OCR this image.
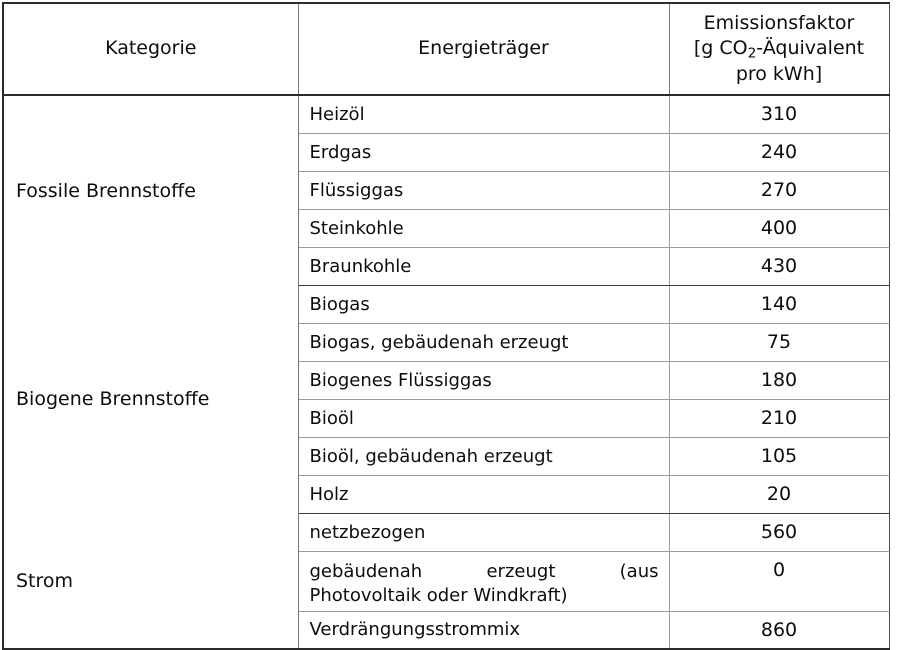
Kategorie	Energieträger	Emissionsfaktor
[g $CO_2$-Äquivalent
pro kWh]

Fossile Brennstoffe	Heizöl	310
	Erdgas	240
	Flüssiggas	270
	Steinkohle	400
	Braunkohle	430
Biogene Brennstoffe	Biogas	140
	Biogas, gebäudenah erzeugt	75
	Biogenes Flüssiggas	180
	Bioöl	210
	Bioöl, gebäudenah erzeugt	105
	Holz	20
Strom	netzbezogen	560

	gebäudenah erzeugt (aus
Photovoltaik oder Windkraft)	0
	Verdrängungsstrommix	860
